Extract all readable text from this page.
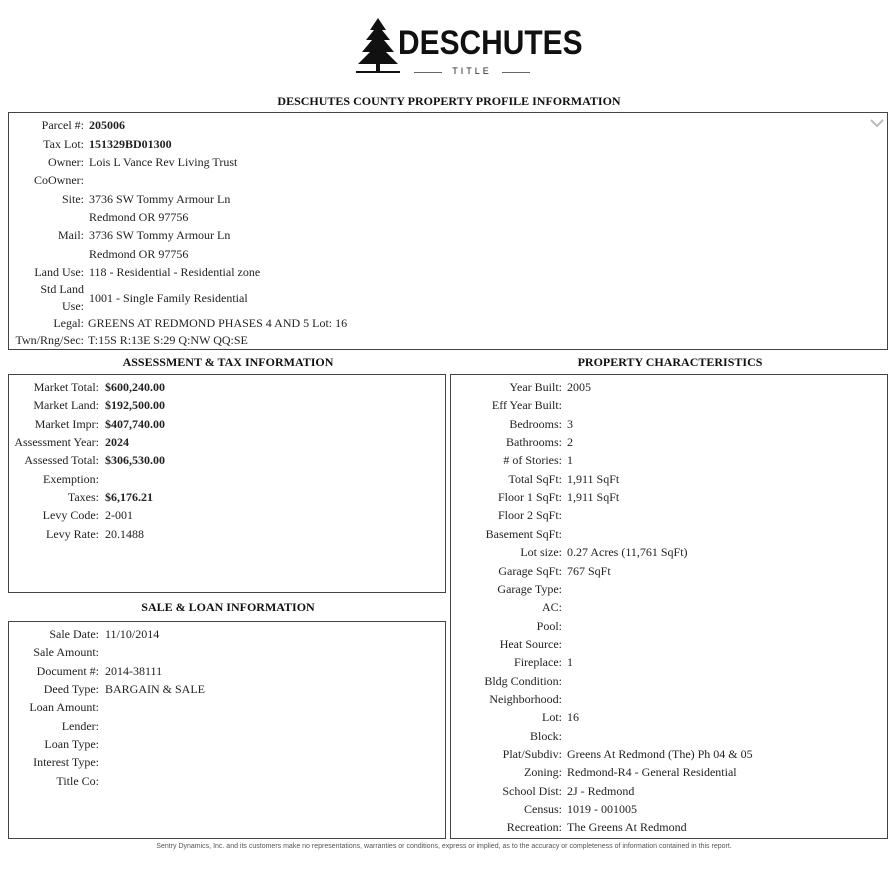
DESCHUTES
TITLE
DESCHUTES COUNTY PROPERTY PROFILE INFORMATION
Parcel #: 205006
Tax Lot: 151329BD01300
Owner: Lois L Vance Rev Living Trust
CoOwner:
Site: 3736 SW Tommy Armour Ln
Redmond OR 97756
Mail: 3736 SW Tommy Armour Ln
Redmond OR 97756
Land Use: 118 - Residential - Residential zone
Std Land
Use:
1001 - Single Family Residential
Legal: GREENS AT REDMOND PHASES 4 AND 5 Lot: 16
Twn/Rng/Sec: T:15S R:13E S:29 Q:NW QQ:SE
ASSESSMENT & TAX INFORMATION	PROPERTY CHARACTERISTICS
SALE & LOAN INFORMATION
Market Total: $600,240.00
Market Land: $192,500.00
Market Impr: $407,740.00
Assessment Year: 2024
Assessed Total: $306,530.00
Exemption:
Taxes: $6,176.21
Levy Code: 2-001
Levy Rate: 20.1488
Sale Date: 11/10/2014
Sale Amount:
Document #: 2014-38111
Deed Type: BARGAIN & SALE
Loan Amount:
Lender:
Loan Type:
Interest Type:
Title Co:
Year Built: 2005
Eff Year Built:
Bedrooms: 3
Bathrooms: 2
# of Stories: 1
Total SqFt: 1,911 SqFt
Floor 1 SqFt: 1,911 SqFt
Floor 2 SqFt:
Basement SqFt:
Lot size: 0.27 Acres (11,761 SqFt)
Garage SqFt: 767 SqFt
Garage Type:
AC:
Pool:
Heat Source:
Fireplace: 1
Bldg Condition:
Neighborhood:
Lot: 16
Block:
Plat/Subdiv: Greens At Redmond (The) Ph 04 & 05
Zoning: Redmond-R4 - General Residential
School Dist: 2J - Redmond
Census: 1019 - 001005
Recreation: The Greens At Redmond
Sentry Dynamics, Inc. and its customers make no representations, warranties or conditions, express or implied, as to the accuracy or completeness of information contained in this report.
